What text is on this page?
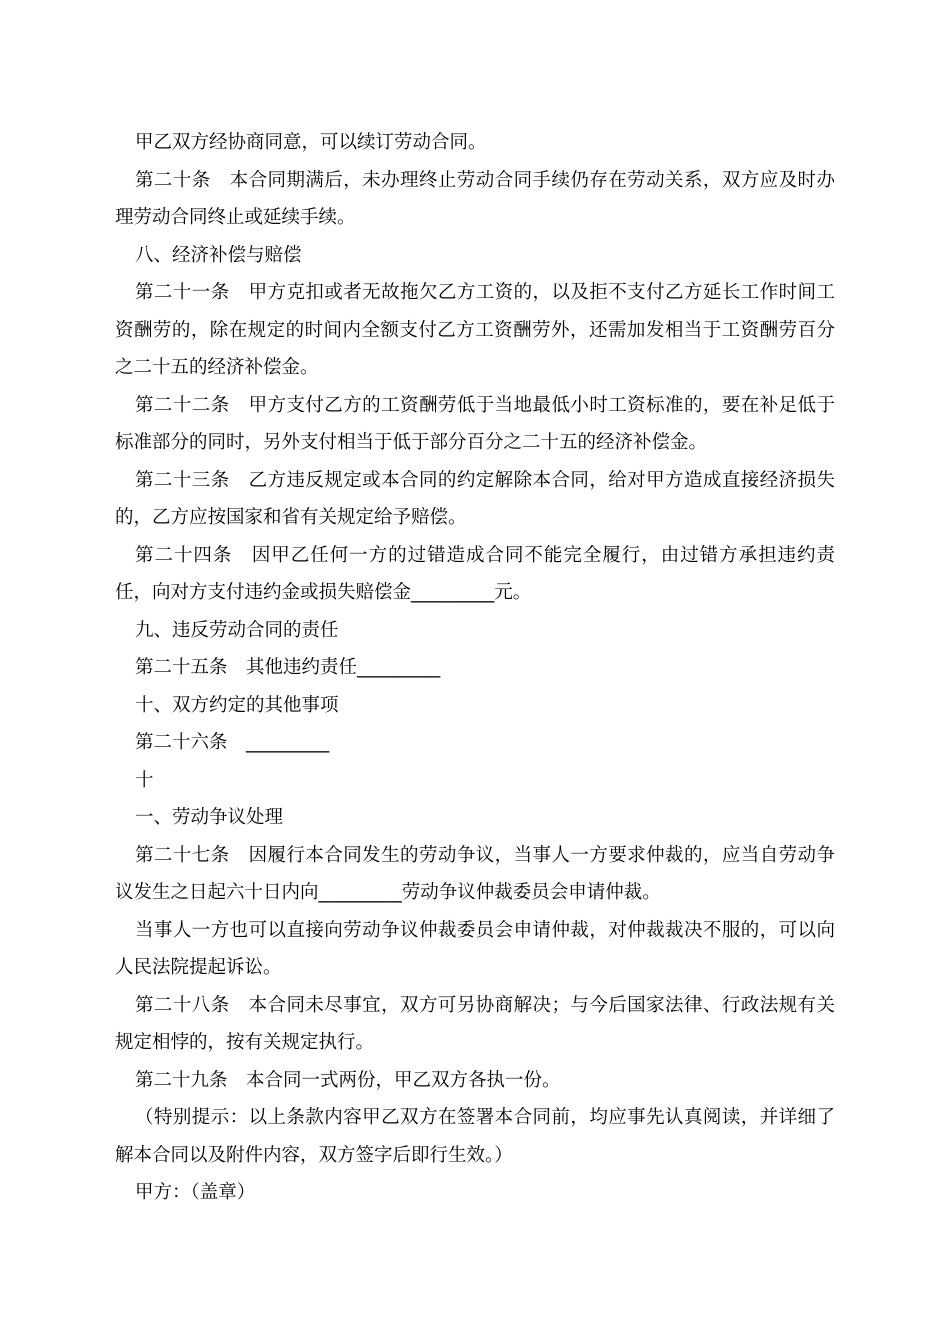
甲乙双方经协商同意，可以续订劳动合同。

第二十条　本合同期满后，未办理终止劳动合同手续仍存在劳动关系，双方应及时办理劳动合同终止或延续手续。

八、经济补偿与赔偿

第二十一条　甲方克扣或者无故拖欠乙方工资的，以及拒不支付乙方延长工作时间工资酬劳的，除在规定的时间内全额支付乙方工资酬劳外，还需加发相当于工资酬劳百分之二十五的经济补偿金。

第二十二条　甲方支付乙方的工资酬劳低于当地最低小时工资标准的，要在补足低于标准部分的同时，另外支付相当于低于部分百分之二十五的经济补偿金。

第二十三条　乙方违反规定或本合同的约定解除本合同，给对甲方造成直接经济损失的，乙方应按国家和省有关规定给予赔偿。

第二十四条　因甲乙任何一方的过错造成合同不能完全履行，由过错方承担违约责任，向对方支付违约金或损失赔偿金_________元。

九、违反劳动合同的责任

第二十五条　其他违约责任_________

十、双方约定的其他事项

第二十六条　_________

十

一、劳动争议处理

第二十七条　因履行本合同发生的劳动争议，当事人一方要求仲裁的，应当自劳动争议发生之日起六十日内向_________劳动争议仲裁委员会申请仲裁。

当事人一方也可以直接向劳动争议仲裁委员会申请仲裁，对仲裁裁决不服的，可以向人民法院提起诉讼。

第二十八条　本合同未尽事宜，双方可另协商解决；与今后国家法律、行政法规有关规定相悖的，按有关规定执行。

第二十九条　本合同一式两份，甲乙双方各执一份。

（特别提示：以上条款内容甲乙双方在签署本合同前，均应事先认真阅读，并详细了解本合同以及附件内容，双方签字后即行生效。）

甲方：（盖章）
